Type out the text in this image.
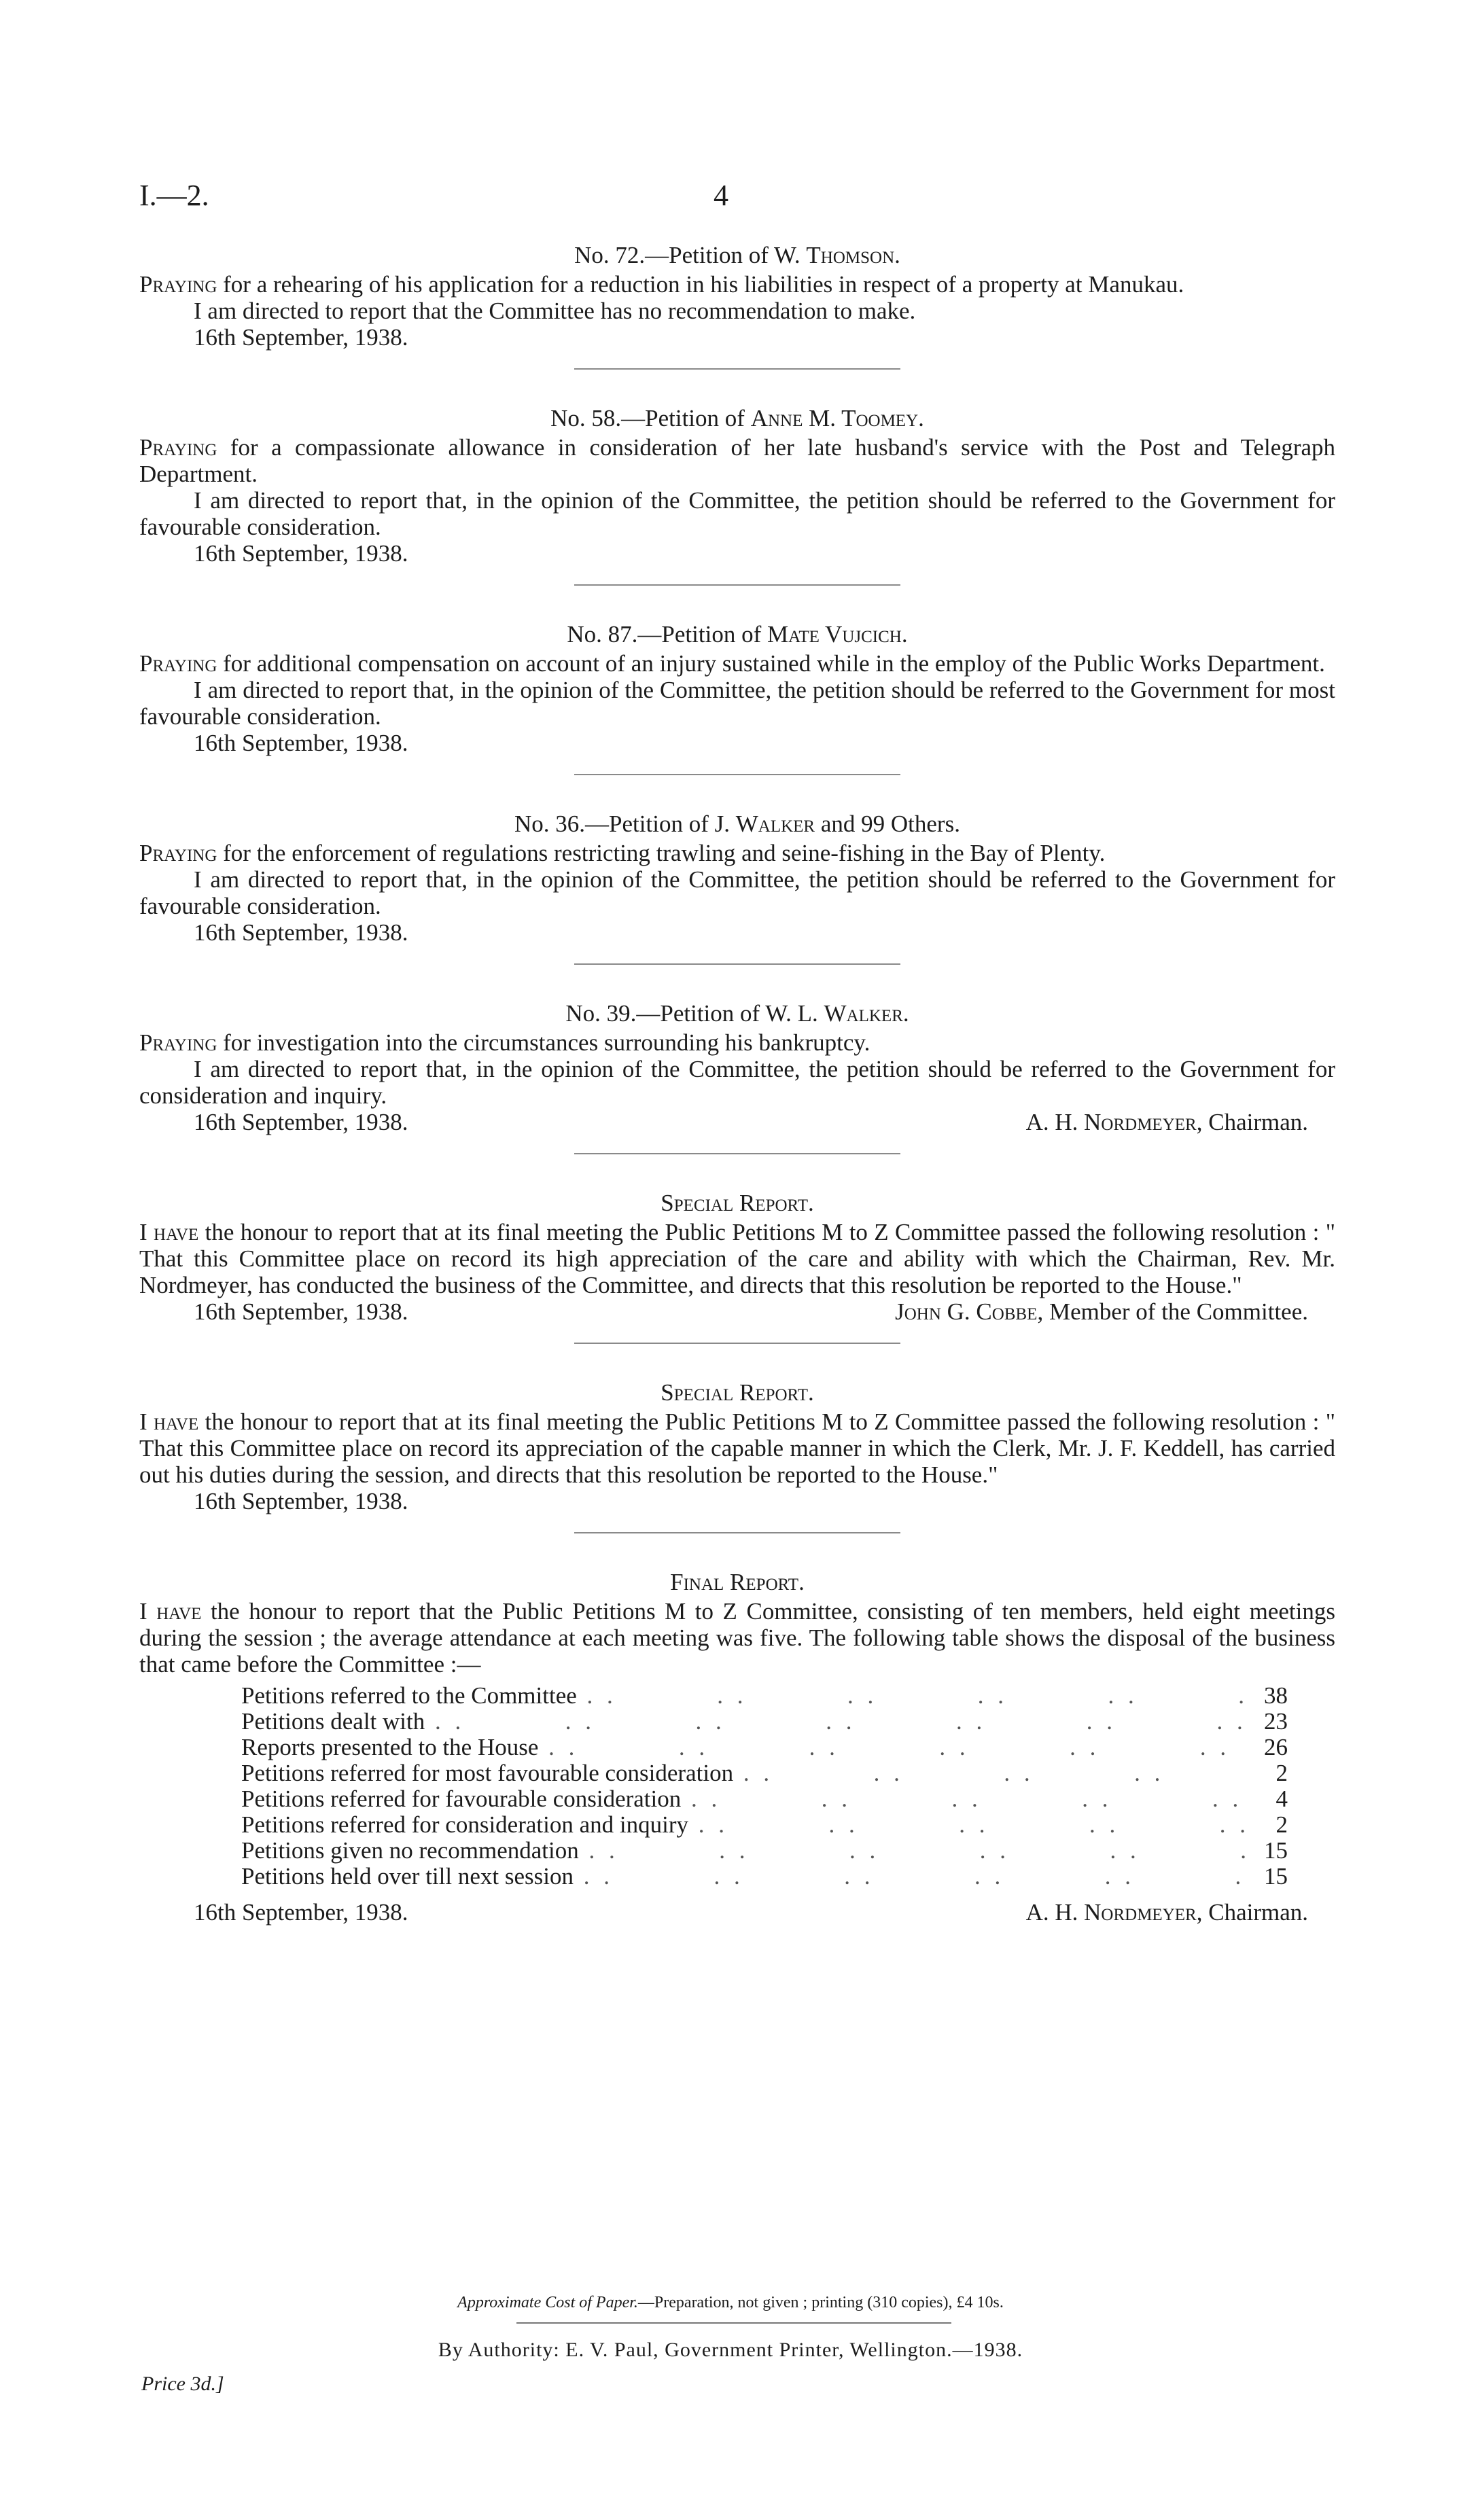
I.—2.	4

No. 72.—Petition of W. Thomson.

Praying for a rehearing of his application for a reduction in his liabilities in respect of a property at Manukau.

I am directed to report that the Committee has no recommendation to make.

16th September, 1938.

No. 58.—Petition of Anne M. Toomey.

Praying for a compassionate allowance in consideration of her late husband's service with the Post and Telegraph Department.

I am directed to report that, in the opinion of the Committee, the petition should be referred to the Government for favourable consideration.

16th September, 1938.

No. 87.—Petition of Mate Vujcich.

Praying for additional compensation on account of an injury sustained while in the employ of the Public Works Department.

I am directed to report that, in the opinion of the Committee, the petition should be referred to the Government for most favourable consideration.

16th September, 1938.

No. 36.—Petition of J. Walker and 99 Others.

Praying for the enforcement of regulations restricting trawling and seine-fishing in the Bay of Plenty.

I am directed to report that, in the opinion of the Committee, the petition should be referred to the Government for favourable consideration.

16th September, 1938.

No. 39.—Petition of W. L. Walker.

Praying for investigation into the circumstances surrounding his bankruptcy.

I am directed to report that, in the opinion of the Committee, the petition should be referred to the Government for consideration and inquiry.

16th September, 1938.	A. H. Nordmeyer, Chairman.

Special Report.

I have the honour to report that at its final meeting the Public Petitions M to Z Committee passed the following resolution : " That this Committee place on record its high appreciation of the care and ability with which the Chairman, Rev. Mr. Nordmeyer, has conducted the business of the Committee, and directs that this resolution be reported to the House."

16th September, 1938.	John G. Cobbe, Member of the Committee.

Special Report.

I have the honour to report that at its final meeting the Public Petitions M to Z Committee passed the following resolution : " That this Committee place on record its appreciation of the capable manner in which the Clerk, Mr. J. F. Keddell, has carried out his duties during the session, and directs that this resolution be reported to the House."

16th September, 1938.

Final Report.

I have the honour to report that the Public Petitions M to Z Committee, consisting of ten members, held eight meetings during the session ; the average attendance at each meeting was five. The following table shows the disposal of the business that came before the Committee :—

Petitions referred to the Committee . .	38
Petitions dealt with . .	23
Reports presented to the House . .	26
Petitions referred for most favourable consideration . .	2
Petitions referred for favourable consideration . .	4
Petitions referred for consideration and inquiry . .	2
Petitions given no recommendation . .	15
Petitions held over till next session . .	15
16th September, 1938.	A. H. Nordmeyer, Chairman.
Approximate Cost of Paper.—Preparation, not given ; printing (310 copies), £4 10s.
By Authority: E. V. Paul, Government Printer, Wellington.—1938.
Price 3d.]
